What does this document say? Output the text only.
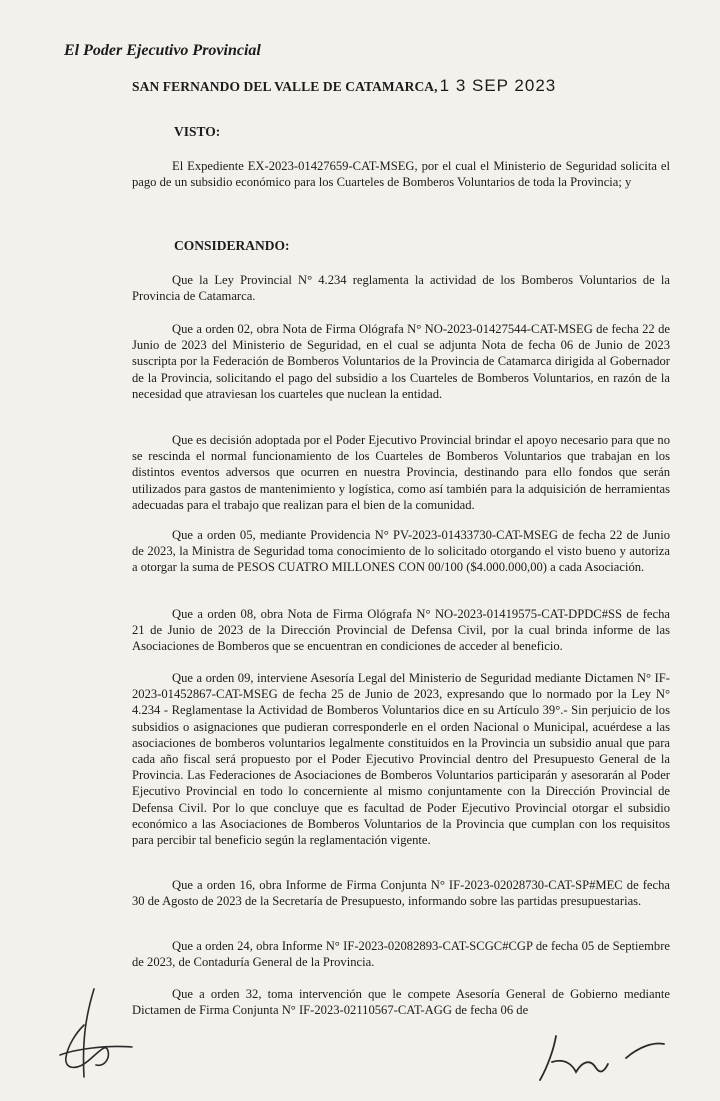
El Poder Ejecutivo Provincial
SAN FERNANDO DEL VALLE DE CATAMARCA, 1 3 SEP 2023
VISTO:
El Expediente EX-2023-01427659-CAT-MSEG, por el cual el Ministerio de Seguridad solicita el pago de un subsidio económico para los Cuarteles de Bomberos Voluntarios de toda la Provincia; y
CONSIDERANDO:
Que la Ley Provincial N° 4.234 reglamenta la actividad de los Bomberos Voluntarios de la Provincia de Catamarca.
Que a orden 02, obra Nota de Firma Ológrafa N° NO-2023-01427544-CAT-MSEG de fecha 22 de Junio de 2023 del Ministerio de Seguridad, en el cual se adjunta Nota de fecha 06 de Junio de 2023 suscripta por la Federación de Bomberos Voluntarios de la Provincia de Catamarca dirigida al Gobernador de la Provincia, solicitando el pago del subsidio a los Cuarteles de Bomberos Voluntarios, en razón de la necesidad que atraviesan los cuarteles que nuclean la entidad.
Que es decisión adoptada por el Poder Ejecutivo Provincial brindar el apoyo necesario para que no se rescinda el normal funcionamiento de los Cuarteles de Bomberos Voluntarios que trabajan en los distintos eventos adversos que ocurren en nuestra Provincia, destinando para ello fondos que serán utilizados para gastos de mantenimiento y logística, como así también para la adquisición de herramientas adecuadas para el trabajo que realizan para el bien de la comunidad.
Que a orden 05, mediante Providencia N° PV-2023-01433730-CAT-MSEG de fecha 22 de Junio de 2023, la Ministra de Seguridad toma conocimiento de lo solicitado otorgando el visto bueno y autoriza a otorgar la suma de PESOS CUATRO MILLONES CON 00/100 ($4.000.000,00) a cada Asociación.
Que a orden 08, obra Nota de Firma Ológrafa N° NO-2023-01419575-CAT-DPDC#SS de fecha 21 de Junio de 2023 de la Dirección Provincial de Defensa Civil, por la cual brinda informe de las Asociaciones de Bomberos que se encuentran en condiciones de acceder al beneficio.
Que a orden 09, interviene Asesoría Legal del Ministerio de Seguridad mediante Dictamen N° IF-2023-01452867-CAT-MSEG de fecha 25 de Junio de 2023, expresando que lo normado por la Ley N° 4.234 - Reglamentase la Actividad de Bomberos Voluntarios dice en su Artículo 39°.- Sin perjuicio de los subsidios o asignaciones que pudieran corresponderle en el orden Nacional o Municipal, acuérdese a las asociaciones de bomberos voluntarios legalmente constituidos en la Provincia un subsidio anual que para cada año fiscal será propuesto por el Poder Ejecutivo Provincial dentro del Presupuesto General de la Provincia. Las Federaciones de Asociaciones de Bomberos Voluntarios participarán y asesorarán al Poder Ejecutivo Provincial en todo lo concerniente al mismo conjuntamente con la Dirección Provincial de Defensa Civil. Por lo que concluye que es facultad de Poder Ejecutivo Provincial otorgar el subsidio económico a las Asociaciones de Bomberos Voluntarios de la Provincia que cumplan con los requisitos para percibir tal beneficio según la reglamentación vigente.
Que a orden 16, obra Informe de Firma Conjunta N° IF-2023-02028730-CAT-SP#MEC de fecha 30 de Agosto de 2023 de la Secretaría de Presupuesto, informando sobre las partidas presupuestarias.
Que a orden 24, obra Informe N° IF-2023-02082893-CAT-SCGC#CGP de fecha 05 de Septiembre de 2023, de Contaduría General de la Provincia.
Que a orden 32, toma intervención que le compete Asesoría General de Gobierno mediante Dictamen de Firma Conjunta N° IF-2023-02110567-CAT-AGG de fecha 06 de
